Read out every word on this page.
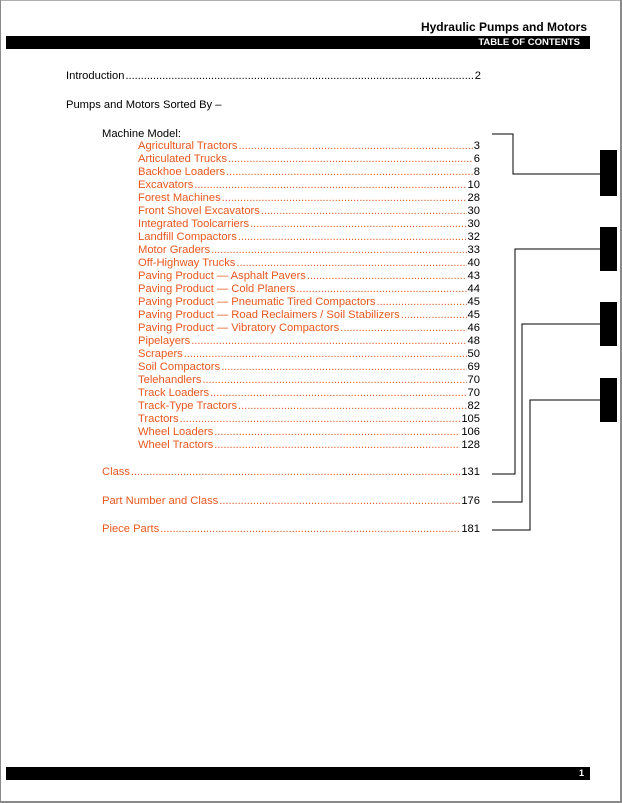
Hydraulic Pumps and Motors
TABLE OF CONTENTS
Introduction .....	2
Pumps and Motors Sorted By –
Machine Model:
Agricultural Tractors .....	3
Articulated Trucks .....	6
Backhoe Loaders .....	8
Excavators .....	10
Forest Machines .....	28
Front Shovel Excavators .....	30
Integrated Toolcarriers .....	30
Landfill Compactors .....	32
Motor Graders .....	33
Off-Highway Trucks .....	40
Paving Product — Asphalt Pavers .....	43
Paving Product — Cold Planers .....	44
Paving Product — Pneumatic Tired Compactors .....	45
Paving Product — Road Reclaimers / Soil Stabilizers .....	45
Paving Product — Vibratory Compactors .....	46
Pipelayers .....	48
Scrapers .....	50
Soil Compactors .....	69
Telehandlers .....	70
Track Loaders .....	70
Track-Type Tractors .....	82
Tractors .....	105
Wheel Loaders .....	106
Wheel Tractors .....	128
Class .....	131
Part Number and Class .....	176
Piece Parts .....	181
1
